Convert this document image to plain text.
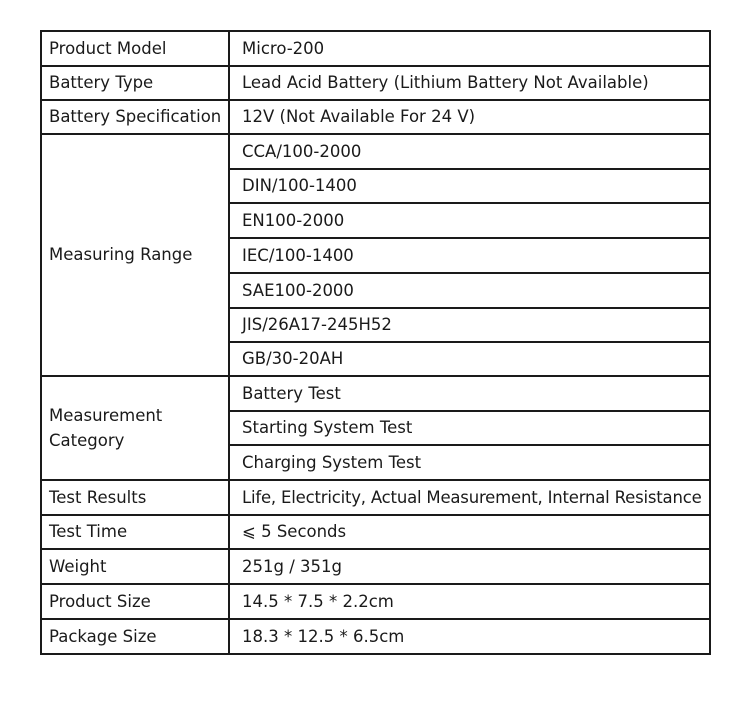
Product Model	Micro-200
Battery Type	Lead Acid Battery (Lithium Battery Not Available)
Battery Specification	12V (Not Available For 24 V)
Measuring Range	CCA/100-2000
	DIN/100-1400
	EN100-2000
	IEC/100-1400
	SAE100-2000
	JIS/26A17-245H52
	GB/30-20AH
Measurement Category	Battery Test
	Starting System Test
	Charging System Test
Test Results	Life, Electricity, Actual Measurement, Internal Resistance
Test Time	⩽ 5 Seconds
Weight	251g / 351g
Product Size	14.5 * 7.5 * 2.2cm
Package Size	18.3 * 12.5 * 6.5cm
